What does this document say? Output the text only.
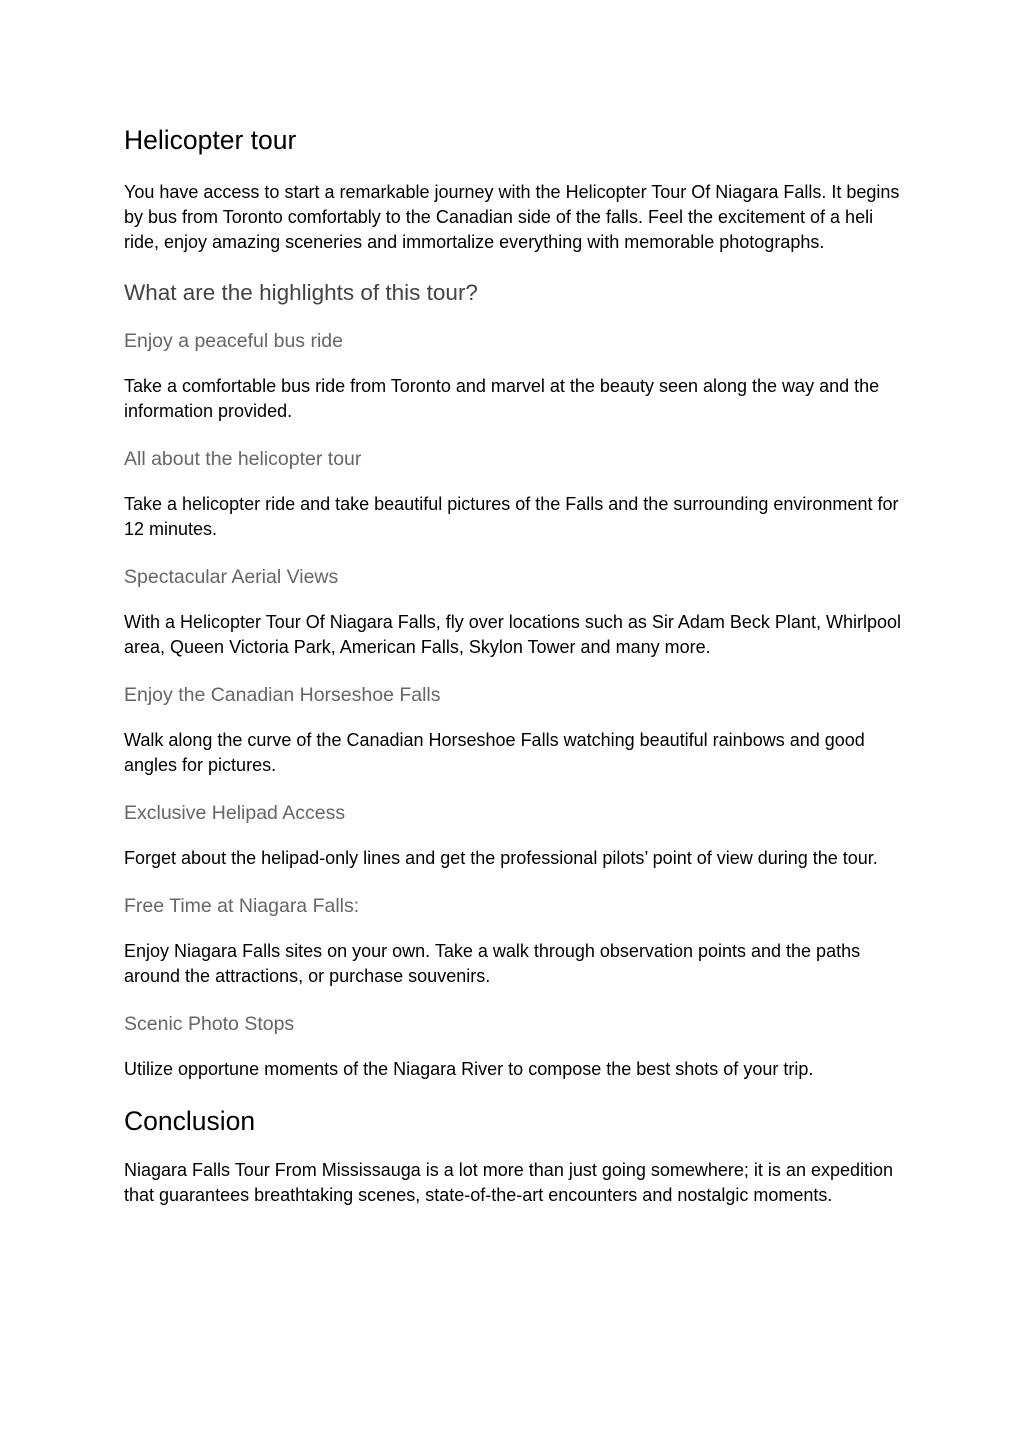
Helicopter tour

You have access to start a remarkable journey with the Helicopter Tour Of Niagara Falls. It begins by bus from Toronto comfortably to the Canadian side of the falls. Feel the excitement of a heli ride, enjoy amazing sceneries and immortalize everything with memorable photographs.

What are the highlights of this tour?
Enjoy a peaceful bus ride

Take a comfortable bus ride from Toronto and marvel at the beauty seen along the way and the information provided.

All about the helicopter tour

Take a helicopter ride and take beautiful pictures of the Falls and the surrounding environment for 12 minutes.

Spectacular Aerial Views

With a Helicopter Tour Of Niagara Falls, fly over locations such as Sir Adam Beck Plant, Whirlpool area, Queen Victoria Park, American Falls, Skylon Tower and many more.

Enjoy the Canadian Horseshoe Falls

Walk along the curve of the Canadian Horseshoe Falls watching beautiful rainbows and good angles for pictures.

Exclusive Helipad Access

Forget about the helipad-only lines and get the professional pilots’ point of view during the tour.

Free Time at Niagara Falls:

Enjoy Niagara Falls sites on your own. Take a walk through observation points and the paths around the attractions, or purchase souvenirs.

Scenic Photo Stops

Utilize opportune moments of the Niagara River to compose the best shots of your trip.

Conclusion

Niagara Falls Tour From Mississauga is a lot more than just going somewhere; it is an expedition that guarantees breathtaking scenes, state-of-the-art encounters and nostalgic moments.
